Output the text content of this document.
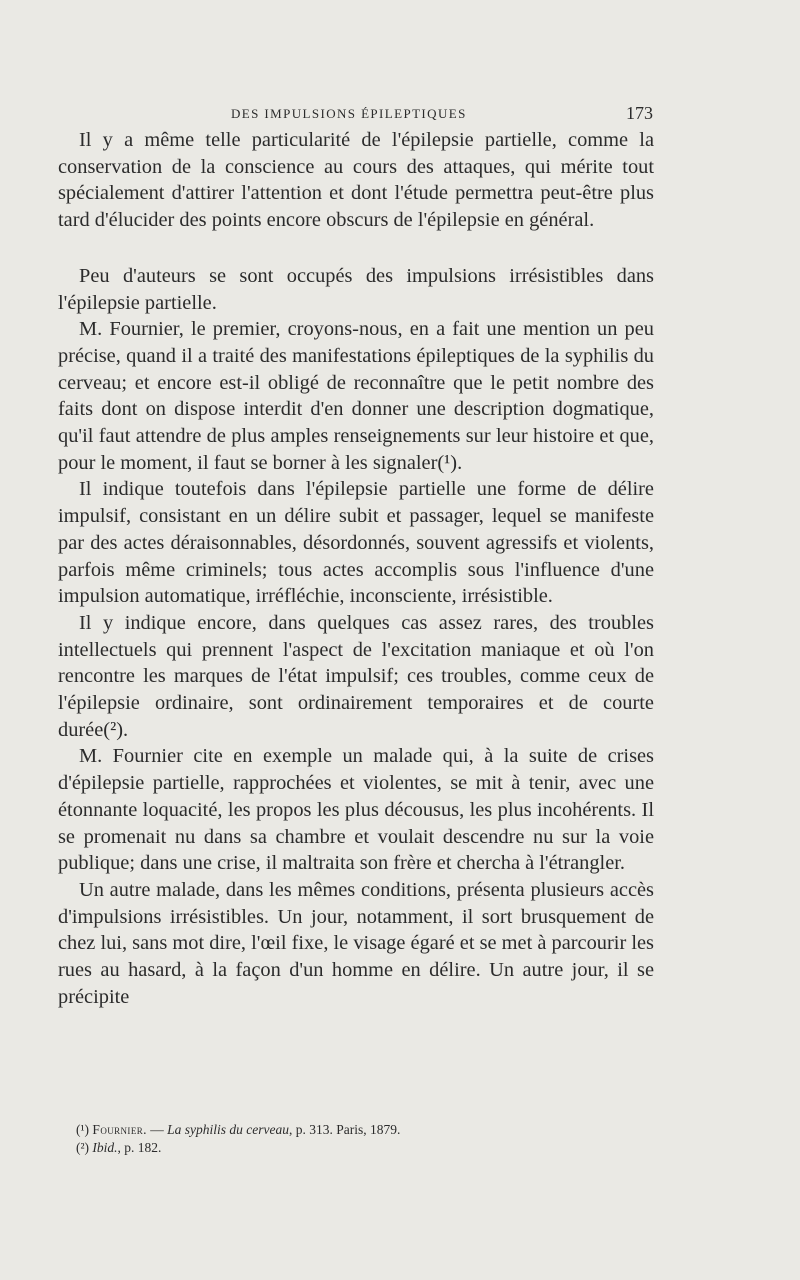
DES IMPULSIONS ÉPILEPTIQUES	173

Il y a même telle particularité de l'épilepsie partielle, comme la conservation de la conscience au cours des attaques, qui mérite tout spécialement d'attirer l'attention et dont l'étude permettra peut-être plus tard d'élucider des points encore obscurs de l'épilepsie en général.

Peu d'auteurs se sont occupés des impulsions irrésistibles dans l'épilepsie partielle.

M. Fournier, le premier, croyons-nous, en a fait une mention un peu précise, quand il a traité des manifestations épileptiques de la syphilis du cerveau; et encore est-il obligé de reconnaître que le petit nombre des faits dont on dispose interdit d'en donner une description dogmatique, qu'il faut attendre de plus amples renseignements sur leur histoire et que, pour le moment, il faut se borner à les signaler(¹).

Il indique toutefois dans l'épilepsie partielle une forme de délire impulsif, consistant en un délire subit et passager, lequel se manifeste par des actes déraisonnables, désordonnés, souvent agressifs et violents, parfois même criminels; tous actes accomplis sous l'influence d'une impulsion automatique, irréfléchie, inconsciente, irrésistible.

Il y indique encore, dans quelques cas assez rares, des troubles intellectuels qui prennent l'aspect de l'excitation maniaque et où l'on rencontre les marques de l'état impulsif; ces troubles, comme ceux de l'épilepsie ordinaire, sont ordinairement temporaires et de courte durée(²).

M. Fournier cite en exemple un malade qui, à la suite de crises d'épilepsie partielle, rapprochées et violentes, se mit à tenir, avec une étonnante loquacité, les propos les plus décousus, les plus incohérents. Il se promenait nu dans sa chambre et voulait descendre nu sur la voie publique; dans une crise, il maltraita son frère et chercha à l'étrangler.

Un autre malade, dans les mêmes conditions, présenta plusieurs accès d'impulsions irrésistibles. Un jour, notamment, il sort brusquement de chez lui, sans mot dire, l'œil fixe, le visage égaré et se met à parcourir les rues au hasard, à la façon d'un homme en délire. Un autre jour, il se précipite

(¹) Fournier. — La syphilis du cerveau, p. 313. Paris, 1879.
(²) Ibid., p. 182.
